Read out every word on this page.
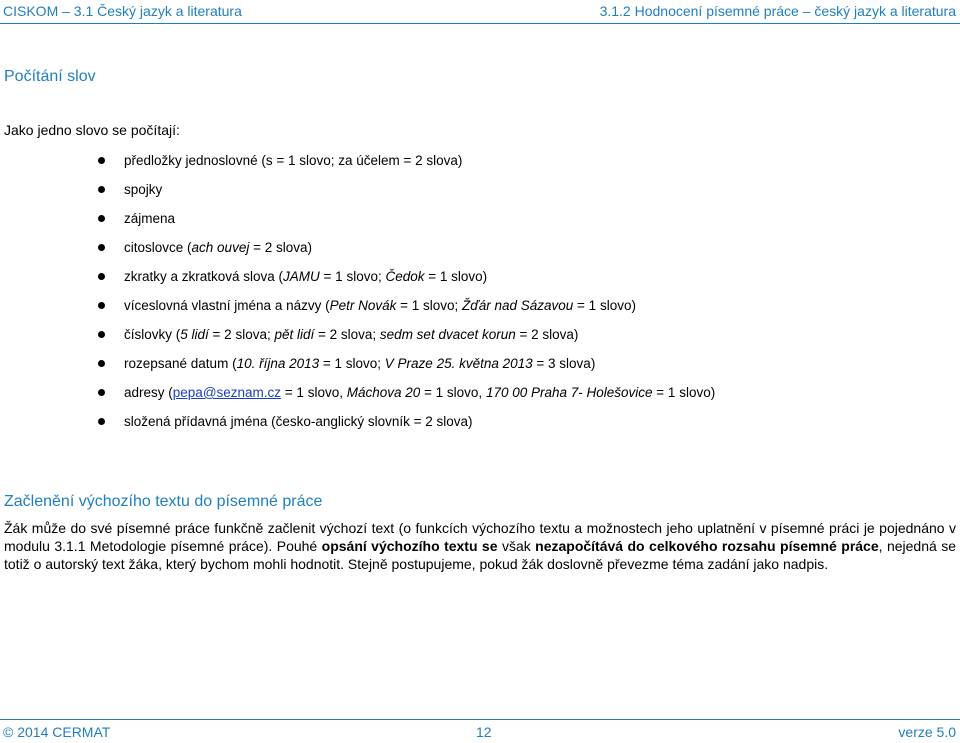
CISKOM – 3.1 Český jazyk a literatura	3.1.2 Hodnocení písemné práce – český jazyk a literatura
Počítání slov
Jako jedno slovo se počítají:
předložky jednoslovné (s = 1 slovo; za účelem = 2 slova)
spojky
zájmena
citoslovce (ach ouvej = 2 slova)
zkratky a zkratková slova (JAMU = 1 slovo; Čedok = 1 slovo)
víceslovná vlastní jména a názvy (Petr Novák = 1 slovo; Žďár nad Sázavou = 1 slovo)
číslovky (5 lidí = 2 slova; pět lidí = 2 slova; sedm set dvacet korun = 2 slova)
rozepsané datum (10. října 2013 = 1 slovo; V Praze 25. května 2013 = 3 slova)
adresy (pepa@seznam.cz = 1 slovo, Máchova 20 = 1 slovo, 170 00 Praha 7- Holešovice = 1 slovo)
složená přídavná jména (česko-anglický slovník = 2 slova)
Začlenění výchozího textu do písemné práce
Žák může do své písemné práce funkčně začlenit výchozí text (o funkcích výchozího textu a možnostech jeho uplatnění v písemné práci je pojednáno v modulu 3.1.1 Metodologie písemné práce). Pouhé opsání výchozího textu se však nezapočítává do celkového rozsahu písemné práce, nejedná se totiž o autorský text žáka, který bychom mohli hodnotit. Stejně postupujeme, pokud žák doslovně převezme téma zadání jako nadpis.
© 2014 CERMAT	12	verze 5.0
